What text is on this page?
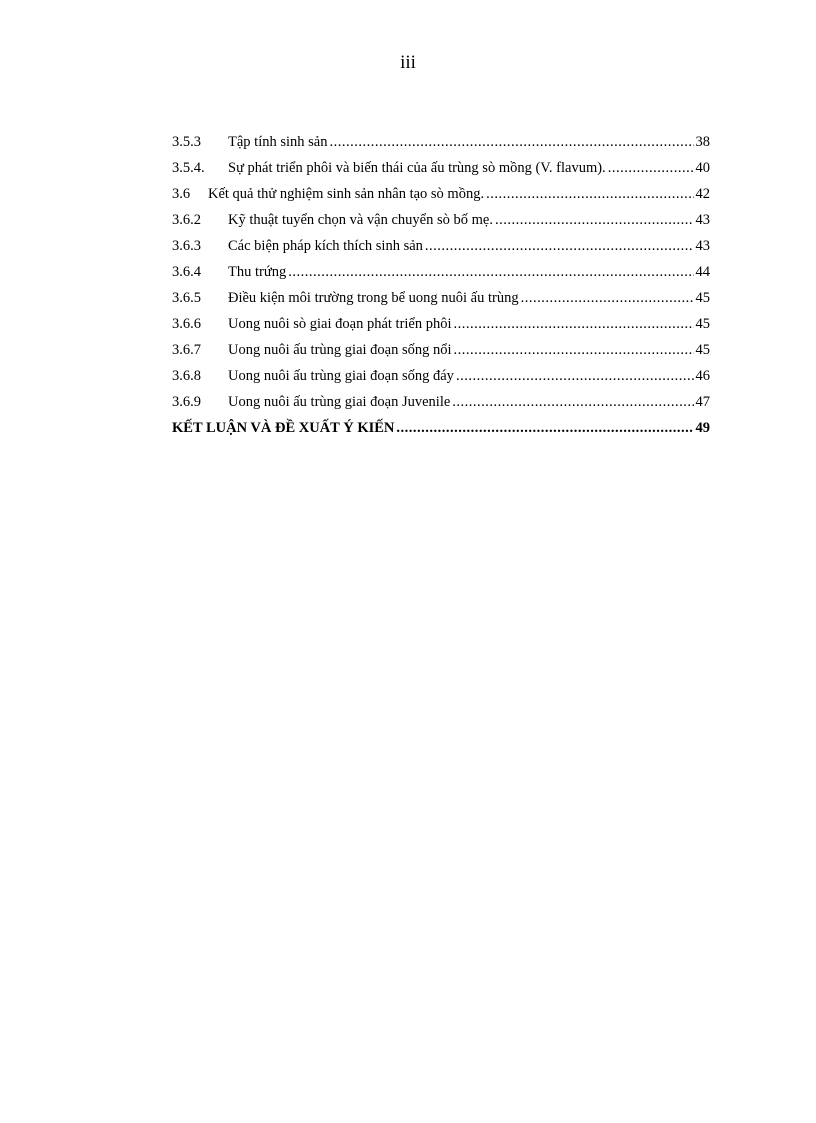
iii
3.5.3	Tập tính sinh sản .....	38
3.5.4.	Sự phát triển phôi và biến thái của ấu trùng sò mồng (V. flavum). .....	40
3.6	Kết quả thử nghiệm sinh sản nhân tạo sò mồng. .....	42
3.6.2	Kỹ thuật tuyển chọn và vận chuyển sò bố mẹ. .....	43
3.6.3	Các biện pháp kích thích sinh sản .....	43
3.6.4	Thu trứng .....	44
3.6.5	Điều kiện môi trường trong bể uong nuôi ấu trùng .....	45
3.6.6	Uong nuôi sò giai đoạn phát triển phôi .....	45
3.6.7	Uong nuôi ấu trùng giai đoạn sống nổi .....	45
3.6.8	Uong nuôi ấu trùng giai đoạn sống đáy .....	46
3.6.9	Uong nuôi ấu trùng giai đoạn Juvenile .....	47
KẾT LUẬN VÀ ĐỀ XUẤT Ý KIẾN .....	49
